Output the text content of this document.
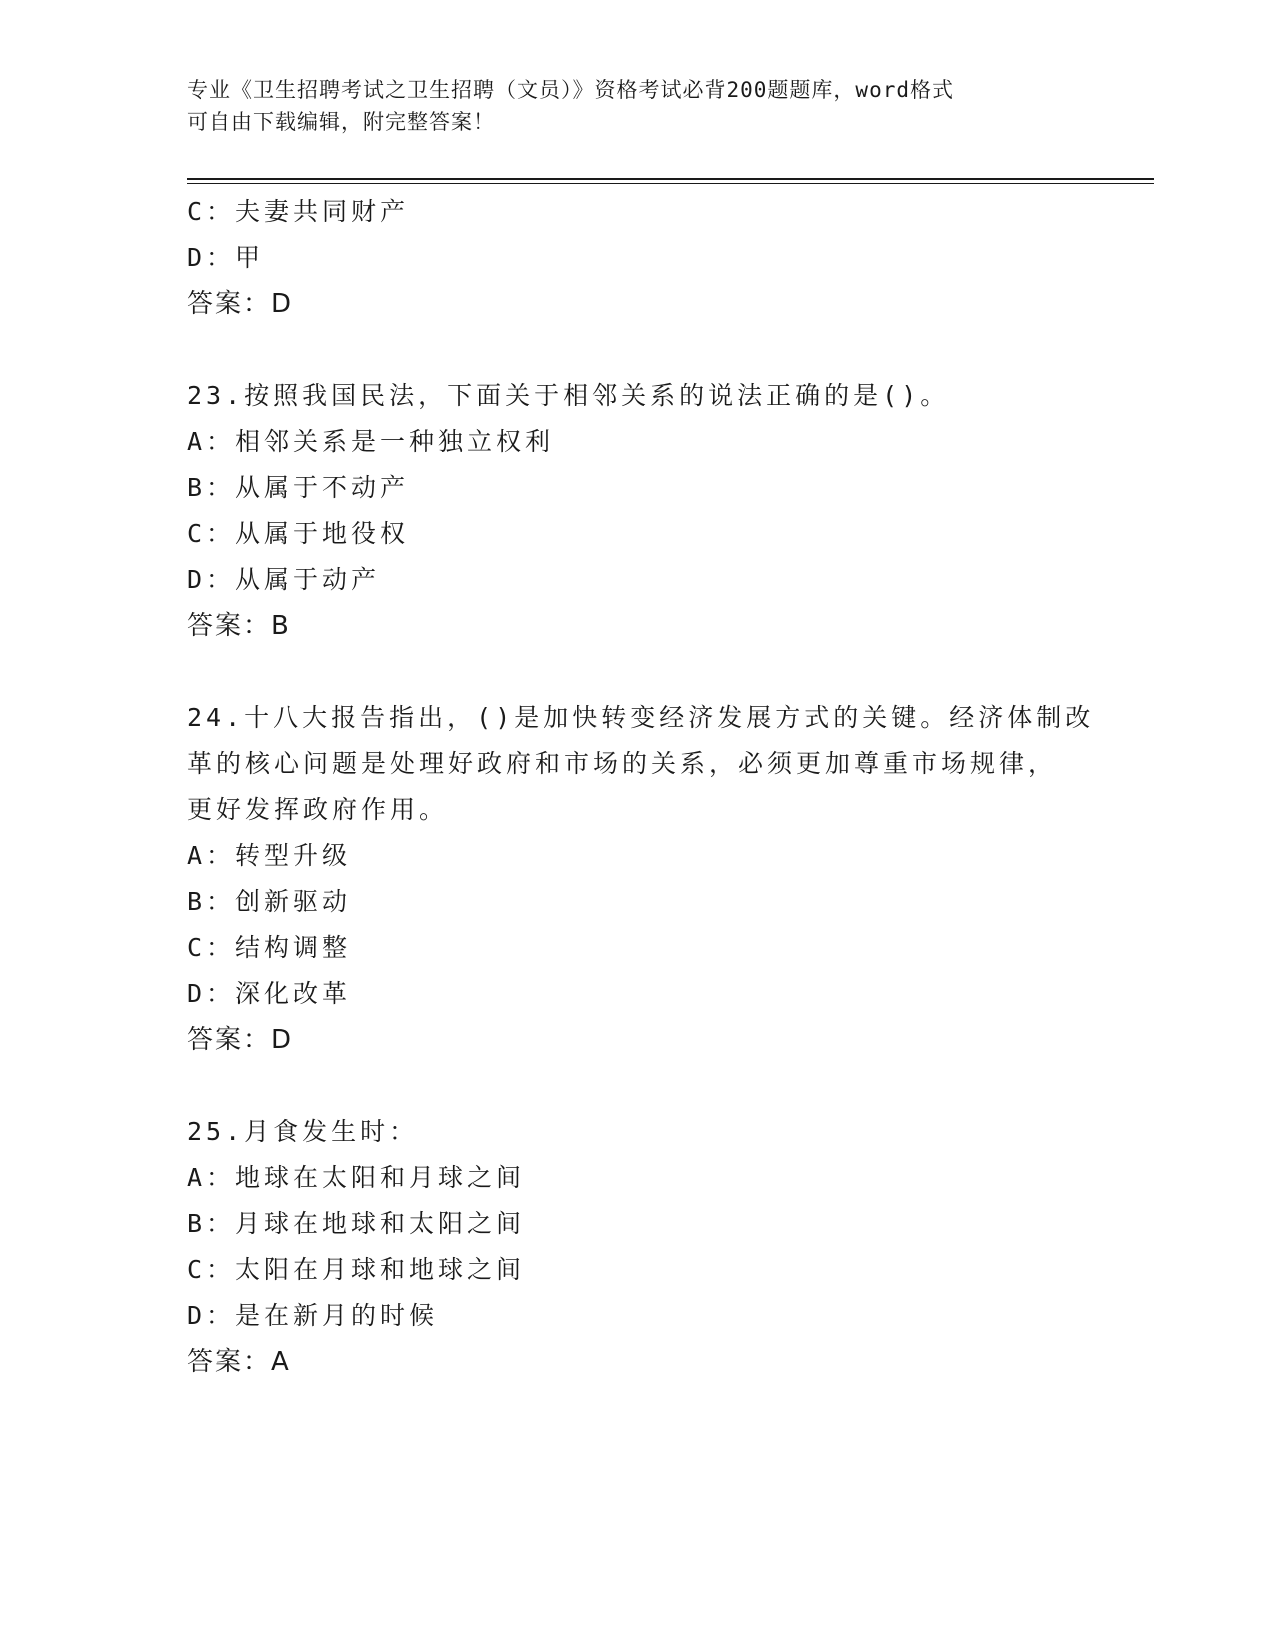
专业《卫生招聘考试之卫生招聘（文员）》资格考试必背200题题库，word格式
可自由下载编辑，附完整答案！
C：夫妻共同财产
D：甲
答案：D
23.按照我国民法，下面关于相邻关系的说法正确的是()。
A：相邻关系是一种独立权利
B：从属于不动产
C：从属于地役权
D：从属于动产
答案：B
24.十八大报告指出，()是加快转变经济发展方式的关键。经济体制改
革的核心问题是处理好政府和市场的关系，必须更加尊重市场规律，
更好发挥政府作用。
A：转型升级
B：创新驱动
C：结构调整
D：深化改革
答案：D
25.月食发生时：
A：地球在太阳和月球之间
B：月球在地球和太阳之间
C：太阳在月球和地球之间
D：是在新月的时候
答案：A
